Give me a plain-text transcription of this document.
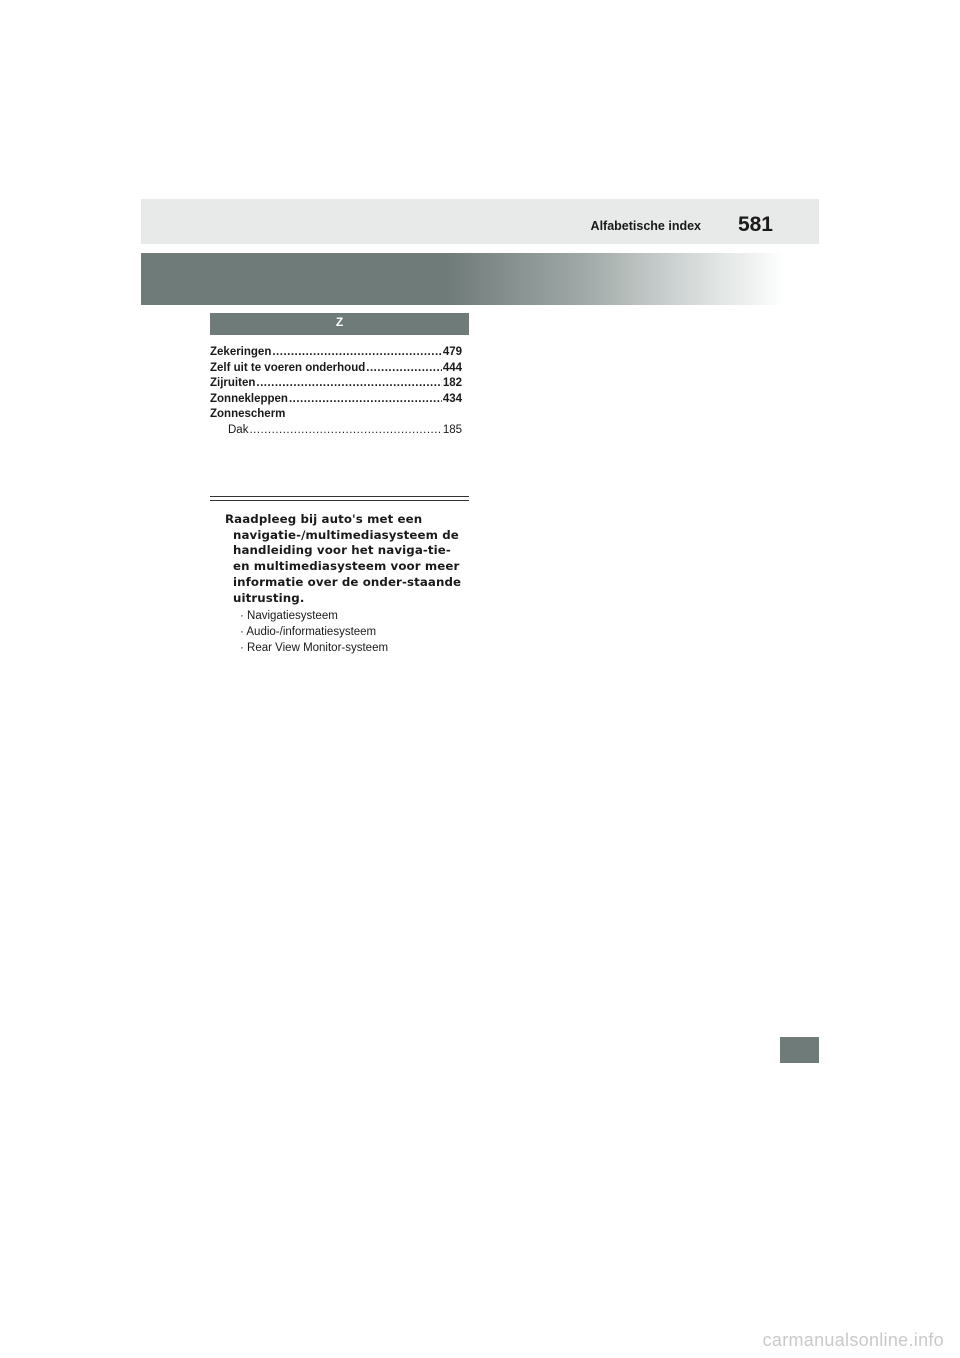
Alfabetische index 581
Z
Zekeringen .....	479
Zelf uit te voeren onderhoud .....	444
Zijruiten .....	182
Zonnekleppen .....	434
Zonnescherm
Dak .....	185

Raadpleeg bij auto's met een navigatie-/multimediasysteem de handleiding voor het naviga-tie- en multimediasysteem voor meer informatie over de onder-staande uitrusting.

· Navigatiesysteem
· Audio-/informatiesysteem
· Rear View Monitor-systeem
carmanualsonline.info
